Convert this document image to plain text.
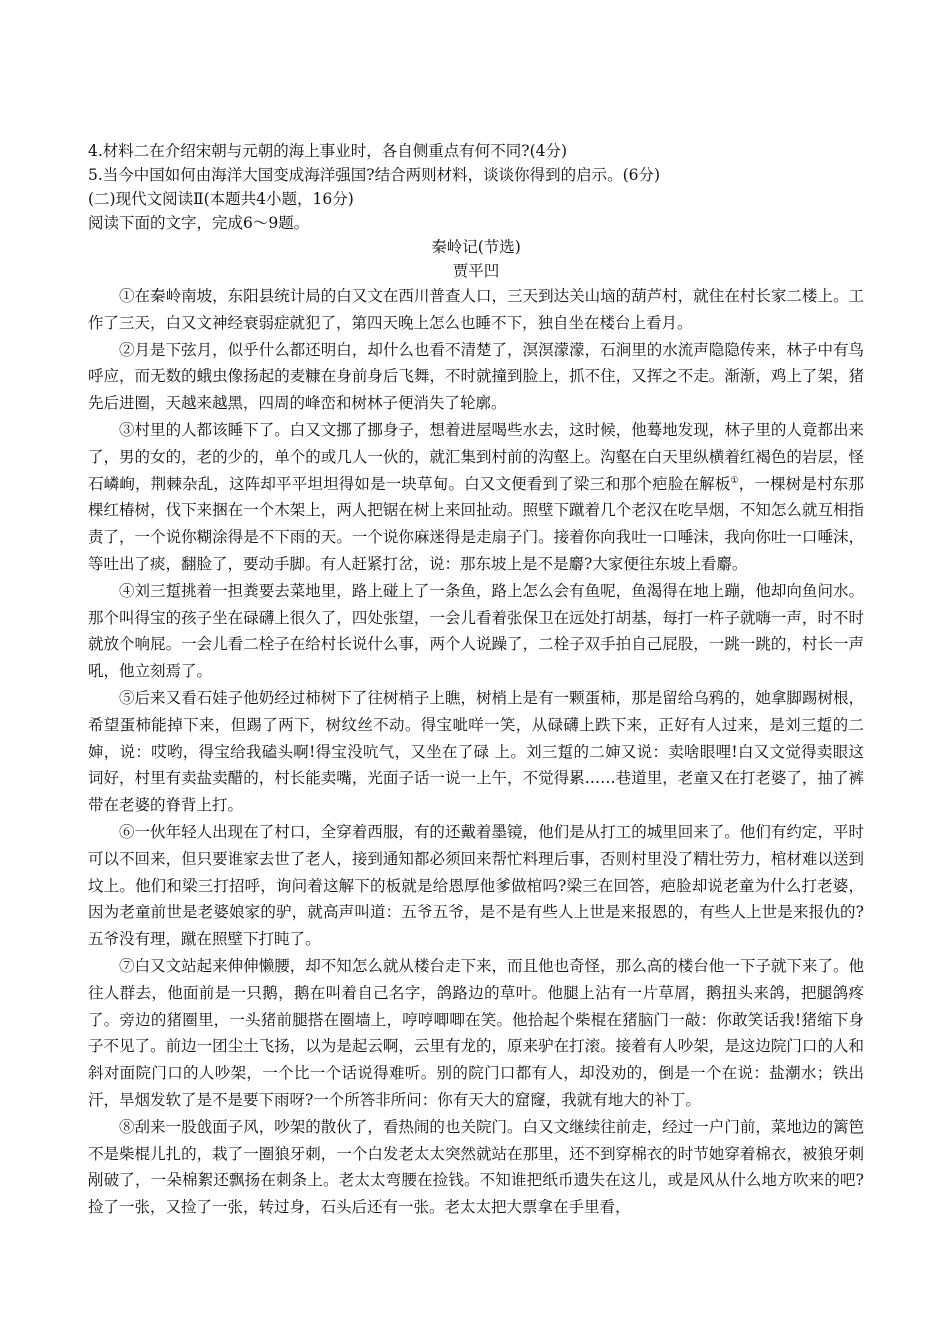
4.材料二在介绍宋朝与元朝的海上事业时，各自侧重点有何不同?(4分)

5.当今中国如何由海洋大国变成海洋强国?结合两则材料，谈谈你得到的启示。(6分)

(二)现代文阅读Ⅱ(本题共4小题，16分)

阅读下面的文字，完成6～9题。

秦岭记(节选)

贾平凹

①在秦岭南坡，东阳县统计局的白又文在西川普查人口，三天到达关山垴的葫芦村，就住在村长家二楼上。工作了三天，白又文神经衰弱症就犯了，第四天晚上怎么也睡不下，独自坐在楼台上看月。

②月是下弦月，似乎什么都还明白，却什么也看不清楚了，溟溟濛濛，石涧里的水流声隐隐传来，林子中有鸟呼应，而无数的蛾虫像扬起的麦糠在身前身后飞舞，不时就撞到脸上，抓不住，又挥之不走。渐渐，鸡上了架，猪先后进圈，天越来越黑，四周的峰峦和树林子便消失了轮廓。

③村里的人都该睡下了。白又文挪了挪身子，想着进屋喝些水去，这时候，他蓦地发现，林子里的人竟都出来了，男的女的，老的少的，单个的或几人一伙的，就汇集到村前的沟壑上。沟壑在白天里纵横着红褐色的岩层，怪石嶙峋，荆棘杂乱，这阵却平平坦坦得如是一块草甸。白又文便看到了梁三和那个疤脸在解板①，一棵树是村东那棵红椿树，伐下来捆在一个木架上，两人把锯在树上来回扯动。照壁下蹴着几个老汉在吃旱烟，不知怎么就互相指责了，一个说你糊涂得是不下雨的天。一个说你麻迷得是走扇子门。接着你向我吐一口唾沫，我向你吐一口唾沫，等吐出了痰，翻脸了，要动手脚。有人赶紧打岔，说：那东坡上是不是麝?大家便往东坡上看麝。

④刘三踅挑着一担粪要去菜地里，路上碰上了一条鱼，路上怎么会有鱼呢，鱼渴得在地上蹦，他却向鱼问水。那个叫得宝的孩子坐在碌礴上很久了，四处张望，一会儿看着张保卫在远处打胡基，每打一杵子就嗨一声，时不时就放个响屁。一会儿看二栓子在给村长说什么事，两个人说躁了，二栓子双手拍自己屁股，一跳一跳的，村长一声吼，他立刻焉了。

⑤后来又看石娃子他奶经过柿树下了往树梢子上瞧，树梢上是有一颗蛋柿，那是留给乌鸦的，她拿脚踢树根，希望蛋柿能掉下来，但踢了两下，树纹丝不动。得宝呲咩一笑，从碌礴上跌下来，正好有人过来，是刘三踅的二婶，说：哎哟，得宝给我磕头啊!得宝没吭气，又坐在了碌 上。刘三踅的二婶又说：卖啥眼哩!白又文觉得卖眼这词好，村里有卖盐卖醋的，村长能卖嘴，光面子话一说一上午，不觉得累……巷道里，老童又在打老婆了，抽了裤带在老婆的脊背上打。

⑥一伙年轻人出现在了村口，全穿着西服，有的还戴着墨镜，他们是从打工的城里回来了。他们有约定，平时可以不回来，但只要谁家去世了老人，接到通知都必须回来帮忙料理后事，否则村里没了精壮劳力，棺材难以送到坟上。他们和梁三打招呼，询问着这解下的板就是给恩厚他爹做棺吗?梁三在回答，疤脸却说老童为什么打老婆，因为老童前世是老婆娘家的驴，就高声叫道：五爷五爷，是不是有些人上世是来报恩的，有些人上世是来报仇的?五爷没有理，蹴在照壁下打盹了。

⑦白又文站起来伸伸懒腰，却不知怎么就从楼台走下来，而且他也奇怪，那么高的楼台他一下子就下来了。他往人群去，他面前是一只鹅，鹅在叫着自己名字，鸽路边的草叶。他腿上沾有一片草屑，鹅扭头来鸽，把腿鸽疼了。旁边的猪圈里，一头猪前腿搭在圈墙上，哼哼唧唧在笑。他拾起个柴棍在猪脑门一敲：你敢笑话我!猪缩下身子不见了。前边一团尘土飞扬，以为是起云啊，云里有龙的，原来驴在打滚。接着有人吵架，是这边院门口的人和斜对面院门口的人吵架，一个比一个话说得难听。别的院门口都有人，却没劝的，倒是一个在说：盐潮水；铁出汗，旱烟发软了是不是要下雨呀?一个所答非所问：你有天大的窟窿，我就有地大的补丁。

⑧刮来一股戗面子风，吵架的散伙了，看热闹的也关院门。白又文继续往前走，经过一户门前，菜地边的篱笆不是柴棍儿扎的，栽了一圈狼牙刺，一个白发老太太突然就站在那里，还不到穿棉衣的时节她穿着棉衣，被狼牙刺剐破了，一朵棉絮还飘扬在刺条上。老太太弯腰在捡钱。不知谁把纸币遗失在这儿，或是风从什么地方吹来的吧?捡了一张，又捡了一张，转过身，石头后还有一张。老太太把大票拿在手里看，
